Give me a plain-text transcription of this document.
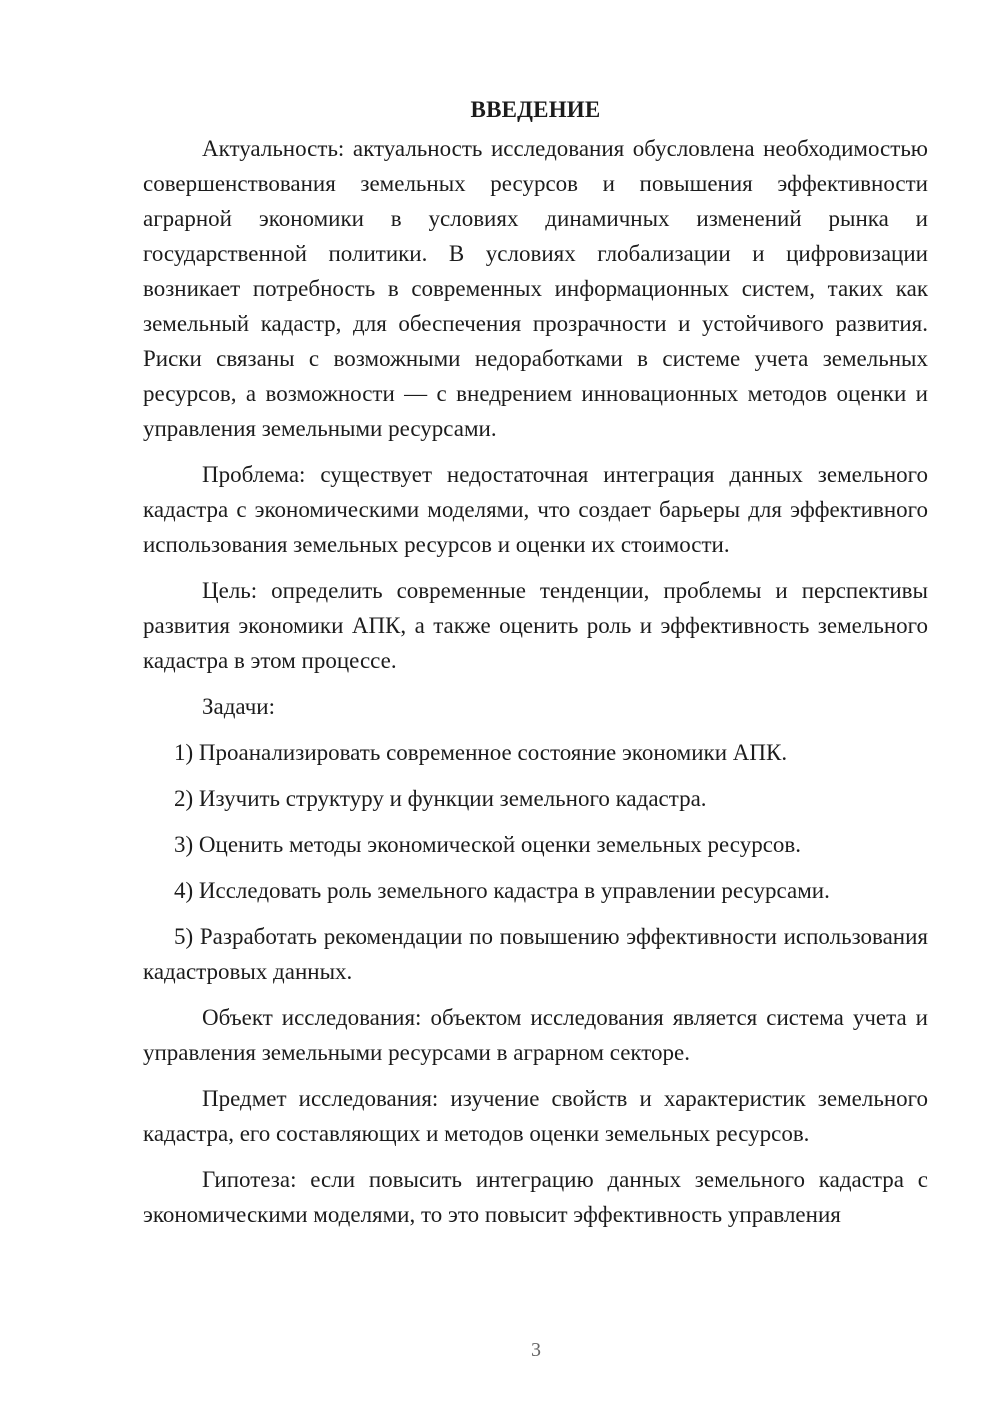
ВВЕДЕНИЕ

Актуальность: актуальность исследования обусловлена необходимостью совершенствования земельных ресурсов и повышения эффективности аграрной экономики в условиях динамичных изменений рынка и государственной политики. В условиях глобализации и цифровизации возникает потребность в современных информационных систем, таких как земельный кадастр, для обеспечения прозрачности и устойчивого развития. Риски связаны с возможными недоработками в системе учета земельных ресурсов, а возможности — с внедрением инновационных методов оценки и управления земельными ресурсами.

Проблема: существует недостаточная интеграция данных земельного кадастра с экономическими моделями, что создает барьеры для эффективного использования земельных ресурсов и оценки их стоимости.

Цель: определить современные тенденции, проблемы и перспективы развития экономики АПК, а также оценить роль и эффективность земельного кадастра в этом процессе.

Задачи:

1) Проанализировать современное состояние экономики АПК.

2) Изучить структуру и функции земельного кадастра.

3) Оценить методы экономической оценки земельных ресурсов.

4) Исследовать роль земельного кадастра в управлении ресурсами.

5) Разработать рекомендации по повышению эффективности использования кадастровых данных.

Объект исследования: объектом исследования является система учета и управления земельными ресурсами в аграрном секторе.

Предмет исследования: изучение свойств и характеристик земельного кадастра, его составляющих и методов оценки земельных ресурсов.

Гипотеза: если повысить интеграцию данных земельного кадастра с экономическими моделями, то это повысит эффективность управления

3
